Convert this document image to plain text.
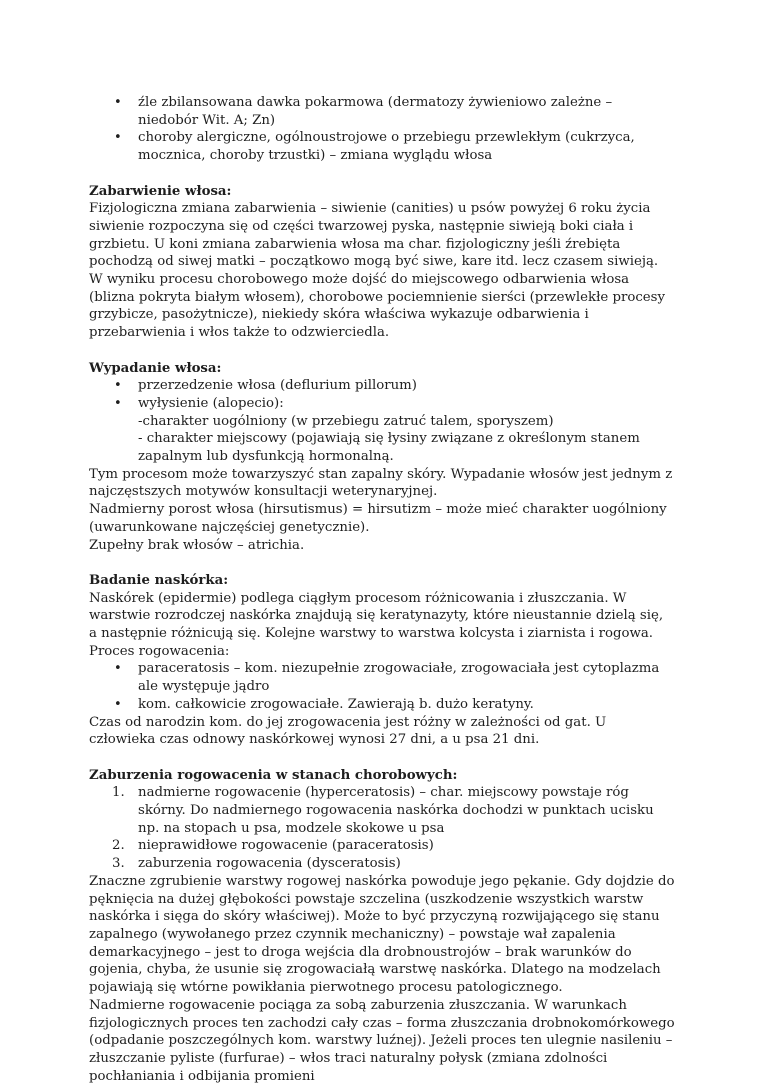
• źle zbilansowana dawka pokarmowa (dermatozy żywieniowo zależne – niedobór Wit. A; Zn)
• choroby alergiczne, ogólnoustrojowe o przebiegu przewlekłym (cukrzyca, mocznica, choroby trzustki) – zmiana wyglądu włosa

Zabarwienie włosa:

Fizjologiczna zmiana zabarwienia – siwienie (canities) u psów powyżej 6 roku życia siwienie rozpoczyna się od części twarzowej pyska, następnie siwieją boki ciała i grzbietu. U koni zmiana zabarwienia włosa ma char. fizjologiczny jeśli źrebięta pochodzą od siwej matki – początkowo mogą być siwe, kare itd. lecz czasem siwieją.

W wyniku procesu chorobowego może dojść do miejscowego odbarwienia włosa (blizna pokryta białym włosem), chorobowe pociemnienie sierści (przewlekłe procesy grzybicze, pasożytnicze), niekiedy skóra właściwa wykazuje odbarwienia i przebarwienia i włos także to odzwierciedla.

Wypadanie włosa:

• przerzedzenie włosa (deflurium pillorum)
• wyłysienie (alopecio):
-charakter uogólniony (w przebiegu zatruć talem, sporyszem)
- charakter miejscowy (pojawiają się łysiny związane z określonym stanem zapalnym lub dysfunkcją hormonalną.

Tym procesom może towarzyszyć stan zapalny skóry. Wypadanie włosów jest jednym z najczęstszych motywów konsultacji weterynaryjnej.

Nadmierny porost włosa (hirsutismus) = hirsutizm – może mieć charakter uogólniony (uwarunkowane najczęściej genetycznie).

Zupełny brak włosów – atrichia.

Badanie naskórka:

Naskórek (epidermie) podlega ciągłym procesom różnicowania i złuszczania. W warstwie rozrodczej naskórka znajdują się keratynazyty, które nieustannie dzielą się, a następnie różnicują się. Kolejne warstwy to warstwa kolcysta i ziarnista i rogowa.

Proces rogowacenia:

• paraceratosis – kom. niezupełnie zrogowaciałe, zrogowaciała jest cytoplazma ale występuje jądro
• kom. całkowicie zrogowaciałe. Zawierają b. dużo keratyny.

Czas od narodzin kom. do jej zrogowacenia jest różny w zależności od gat. U człowieka czas odnowy naskórkowej wynosi 27 dni, a u psa 21 dni.

Zaburzenia rogowacenia w stanach chorobowych:

1. nadmierne rogowacenie (hyperceratosis) – char. miejscowy powstaje róg skórny. Do nadmiernego rogowacenia naskórka dochodzi w punktach ucisku np. na stopach u psa, modzele skokowe u psa
2. nieprawidłowe rogowacenie (paraceratosis)
3. zaburzenia rogowacenia (dysceratosis)

Znaczne zgrubienie warstwy rogowej naskórka powoduje jego pękanie. Gdy dojdzie do pęknięcia na dużej głębokości powstaje szczelina (uszkodzenie wszystkich warstw naskórka i sięga do skóry właściwej). Może to być przyczyną rozwijającego się stanu zapalnego (wywołanego przez czynnik mechaniczny) – powstaje wał zapalenia demarkacyjnego – jest to droga wejścia dla drobnoustrojów – brak warunków do gojenia, chyba, że usunie się zrogowaciałą warstwę naskórka. Dlatego na modzelach pojawiają się wtórne powikłania pierwotnego procesu patologicznego.

Nadmierne rogowacenie pociąga za sobą zaburzenia złuszczania. W warunkach fizjologicznych proces ten zachodzi cały czas – forma złuszczania drobnokomórkowego (odpadanie poszczególnych kom. warstwy luźnej). Jeżeli proces ten ulegnie nasileniu – złuszczanie pyliste (furfurae) – włos traci naturalny połysk (zmiana zdolności pochłaniania i odbijania promieni
